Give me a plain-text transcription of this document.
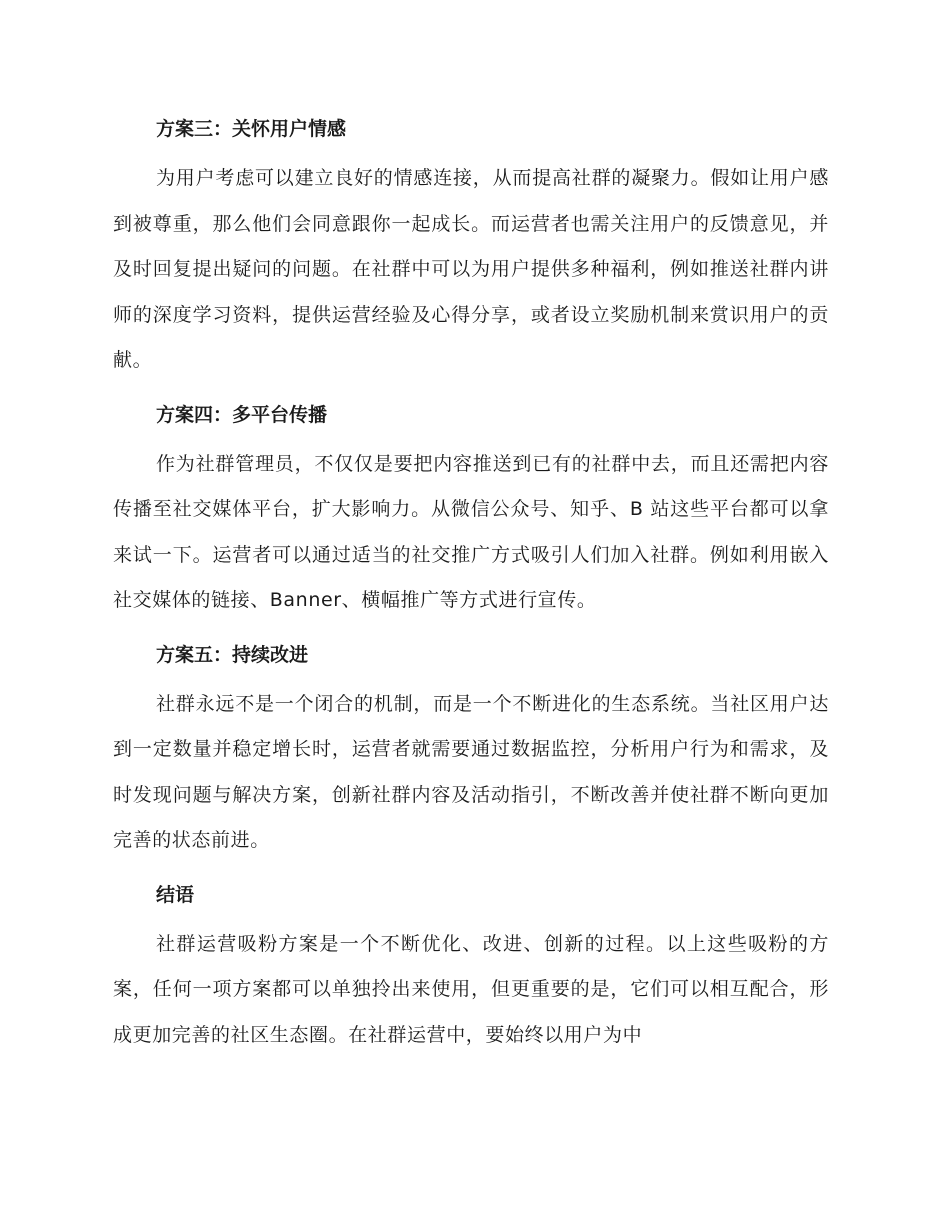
方案三：关怀用户情感

为用户考虑可以建立良好的情感连接，从而提高社群的凝聚力。假如让用户感到被尊重，那么他们会同意跟你一起成长。而运营者也需关注用户的反馈意见，并及时回复提出疑问的问题。在社群中可以为用户提供多种福利，例如推送社群内讲师的深度学习资料，提供运营经验及心得分享，或者设立奖励机制来赏识用户的贡献。

方案四：多平台传播

作为社群管理员，不仅仅是要把内容推送到已有的社群中去，而且还需把内容传播至社交媒体平台，扩大影响力。从微信公众号、知乎、B 站这些平台都可以拿来试一下。运营者可以通过适当的社交推广方式吸引人们加入社群。例如利用嵌入社交媒体的链接、Banner、横幅推广等方式进行宣传。

方案五：持续改进

社群永远不是一个闭合的机制，而是一个不断进化的生态系统。当社区用户达到一定数量并稳定增长时，运营者就需要通过数据监控，分析用户行为和需求，及时发现问题与解决方案，创新社群内容及活动指引，不断改善并使社群不断向更加完善的状态前进。

结语

社群运营吸粉方案是一个不断优化、改进、创新的过程。以上这些吸粉的方案，任何一项方案都可以单独拎出来使用，但更重要的是，它们可以相互配合，形成更加完善的社区生态圈。在社群运营中，要始终以用户为中
